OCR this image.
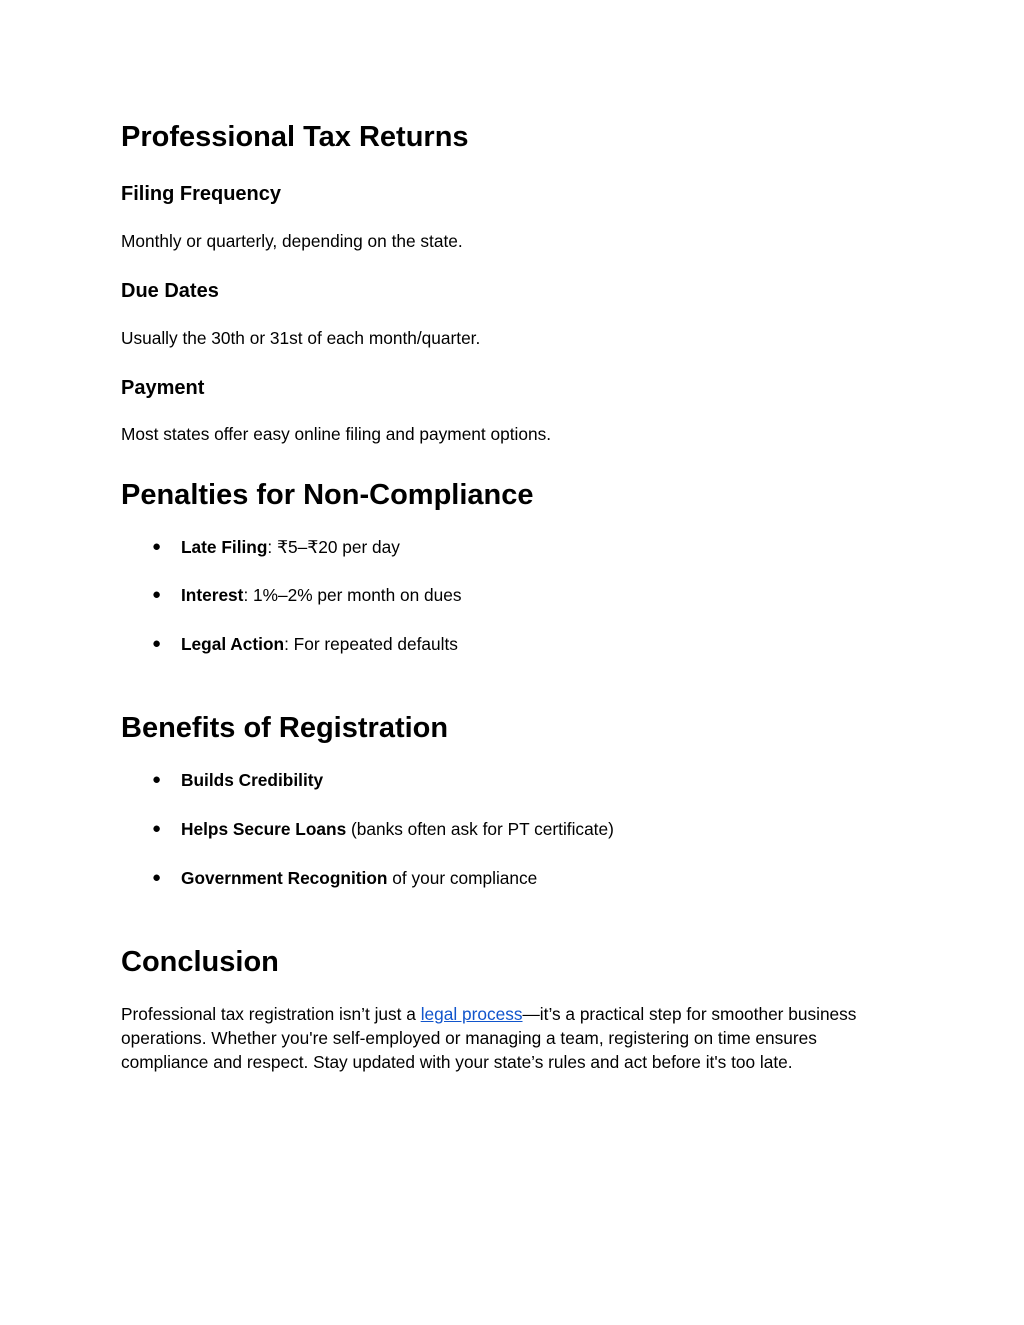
Professional Tax Returns
Filing Frequency

Monthly or quarterly, depending on the state.

Due Dates

Usually the 30th or 31st of each month/quarter.

Payment

Most states offer easy online filing and payment options.

Penalties for Non-Compliance
● Late Filing: ₹5–₹20 per day
● Interest: 1%–2% per month on dues
● Legal Action: For repeated defaults
Benefits of Registration
● Builds Credibility
● Helps Secure Loans (banks often ask for PT certificate)
● Government Recognition of your compliance
Conclusion

Professional tax registration isn’t just a legal process—it’s a practical step for smoother business

operations. Whether you're self-employed or managing a team, registering on time ensures

compliance and respect. Stay updated with your state’s rules and act before it's too late.
